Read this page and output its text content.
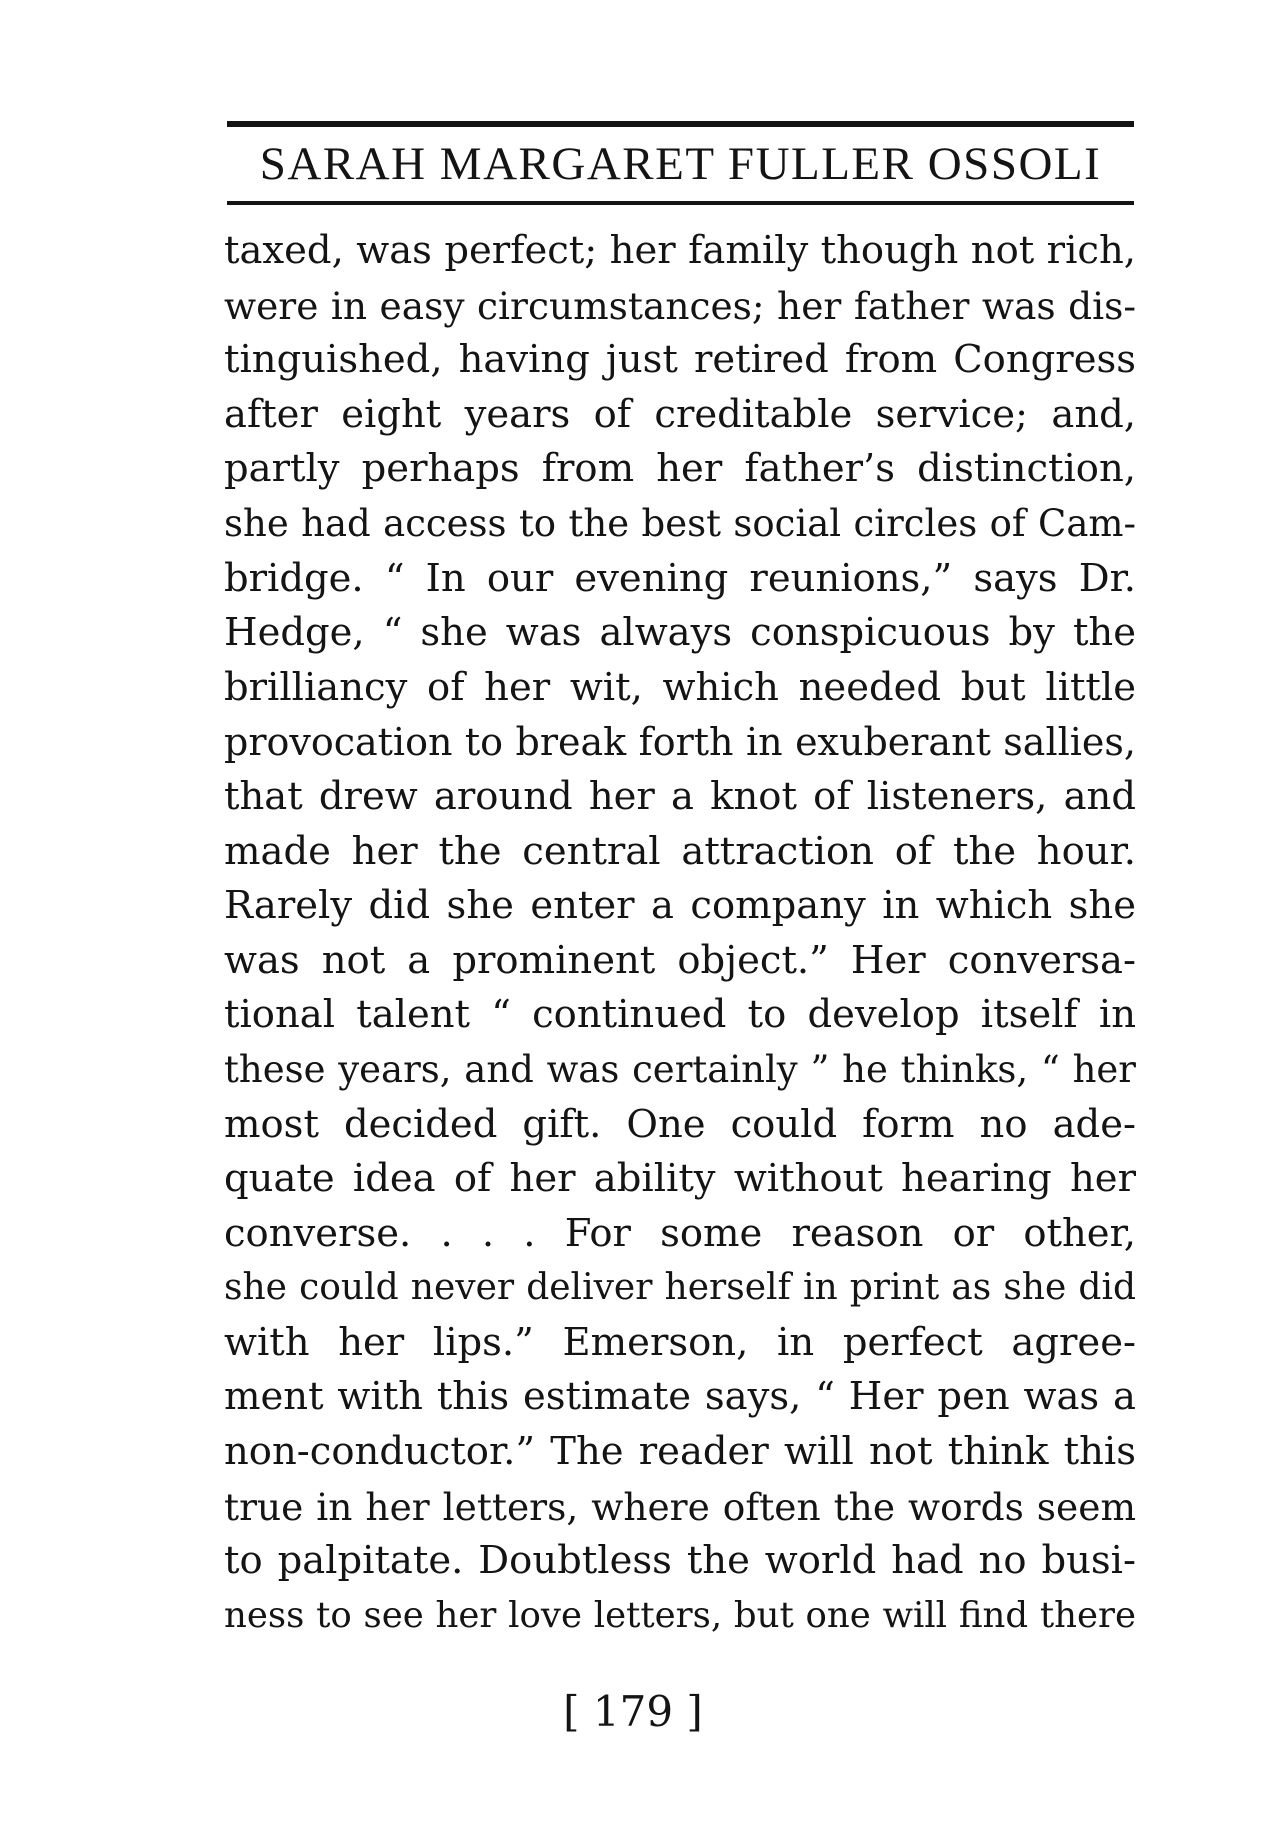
SARAH MARGARET FULLER OSSOLI
taxed, was perfect; her family though not rich,
were in easy circumstances; her father was dis-
tinguished, having just retired from Congress
after eight years of creditable service; and,
partly perhaps from her father’s distinction,
she had access to the best social circles of Cam-
bridge. “ In our evening reunions,” says Dr.
Hedge, “ she was always conspicuous by the
brilliancy of her wit, which needed but little
provocation to break forth in exuberant sallies,
that drew around her a knot of listeners, and
made her the central attraction of the hour.
Rarely did she enter a company in which she
was not a prominent object.” Her conversa-
tional talent “ continued to develop itself in
these years, and was certainly ” he thinks, “ her
most decided gift. One could form no ade-
quate idea of her ability without hearing her
converse. . . . For some reason or other,
she could never deliver herself in print as she did
with her lips.” Emerson, in perfect agree-
ment with this estimate says, “ Her pen was a
non-conductor.” The reader will not think this
true in her letters, where often the words seem
to palpitate. Doubtless the world had no busi-
ness to see her love letters, but one will find there
[ 179 ]
